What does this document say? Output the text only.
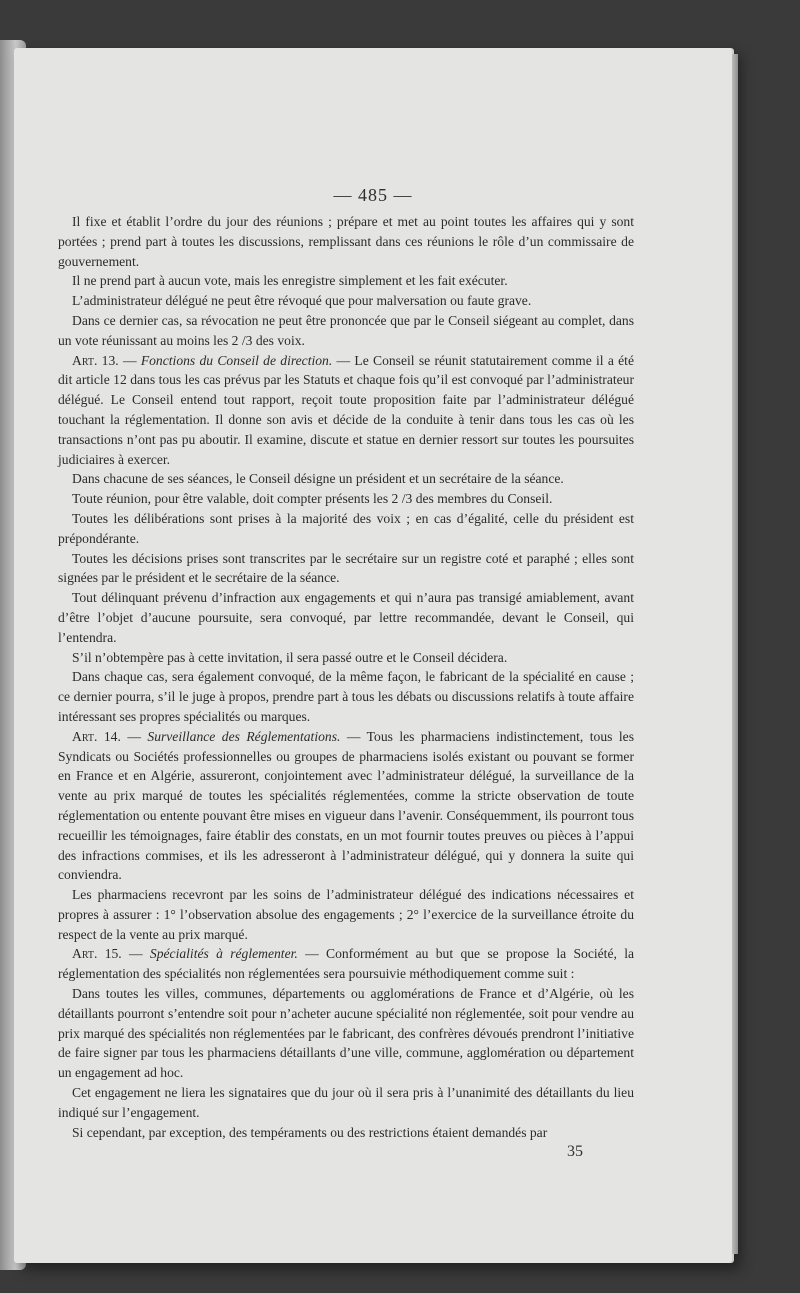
— 485 —

Il fixe et établit l’ordre du jour des réunions ; prépare et met au point toutes les affaires qui y sont portées ; prend part à toutes les discussions, remplissant dans ces réunions le rôle d’un commissaire de gouvernement.

Il ne prend part à aucun vote, mais les enregistre simplement et les fait exécuter.

L’administrateur délégué ne peut être révoqué que pour malversation ou faute grave.

Dans ce dernier cas, sa révocation ne peut être prononcée que par le Conseil siégeant au complet, dans un vote réunissant au moins les 2 /3 des voix.

Art. 13. — Fonctions du Conseil de direction. — Le Conseil se réunit statutairement comme il a été dit article 12 dans tous les cas prévus par les Statuts et chaque fois qu’il est convoqué par l’administrateur délégué. Le Conseil entend tout rapport, reçoit toute proposition faite par l’administrateur délégué touchant la réglementation. Il donne son avis et décide de la conduite à tenir dans tous les cas où les transactions n’ont pas pu aboutir. Il examine, discute et statue en dernier ressort sur toutes les poursuites judiciaires à exercer.

Dans chacune de ses séances, le Conseil désigne un président et un secrétaire de la séance.

Toute réunion, pour être valable, doit compter présents les 2 /3 des membres du Conseil.

Toutes les délibérations sont prises à la majorité des voix ; en cas d’égalité, celle du président est prépondérante.

Toutes les décisions prises sont transcrites par le secrétaire sur un registre coté et paraphé ; elles sont signées par le président et le secrétaire de la séance.

Tout délinquant prévenu d’infraction aux engagements et qui n’aura pas transigé amiablement, avant d’être l’objet d’aucune poursuite, sera convoqué, par lettre recommandée, devant le Conseil, qui l’entendra.

S’il n’obtempère pas à cette invitation, il sera passé outre et le Conseil décidera.

Dans chaque cas, sera également convoqué, de la même façon, le fabricant de la spécialité en cause ; ce dernier pourra, s’il le juge à propos, prendre part à tous les débats ou discussions relatifs à toute affaire intéressant ses propres spécialités ou marques.

Art. 14. — Surveillance des Réglementations. — Tous les pharmaciens indistinctement, tous les Syndicats ou Sociétés professionnelles ou groupes de pharmaciens isolés existant ou pouvant se former en France et en Algérie, assureront, conjointement avec l’administrateur délégué, la surveillance de la vente au prix marqué de toutes les spécialités réglementées, comme la stricte observation de toute réglementation ou entente pouvant être mises en vigueur dans l’avenir. Conséquemment, ils pourront tous recueillir les témoignages, faire établir des constats, en un mot fournir toutes preuves ou pièces à l’appui des infractions commises, et ils les adresseront à l’administrateur délégué, qui y donnera la suite qui conviendra.

Les pharmaciens recevront par les soins de l’administrateur délégué des indications nécessaires et propres à assurer : 1° l’observation absolue des engagements ; 2° l’exercice de la surveillance étroite du respect de la vente au prix marqué.

Art. 15. — Spécialités à réglementer. — Conformément au but que se propose la Société, la réglementation des spécialités non réglementées sera poursuivie méthodiquement comme suit :

Dans toutes les villes, communes, départements ou agglomérations de France et d’Algérie, où les détaillants pourront s’entendre soit pour n’acheter aucune spécialité non réglementée, soit pour vendre au prix marqué des spécialités non réglementées par le fabricant, des confrères dévoués prendront l’initiative de faire signer par tous les pharmaciens détaillants d’une ville, commune, agglomération ou département un engagement ad hoc.

Cet engagement ne liera les signataires que du jour où il sera pris à l’unanimité des détaillants du lieu indiqué sur l’engagement.

Si cependant, par exception, des tempéraments ou des restrictions étaient demandés par

35
